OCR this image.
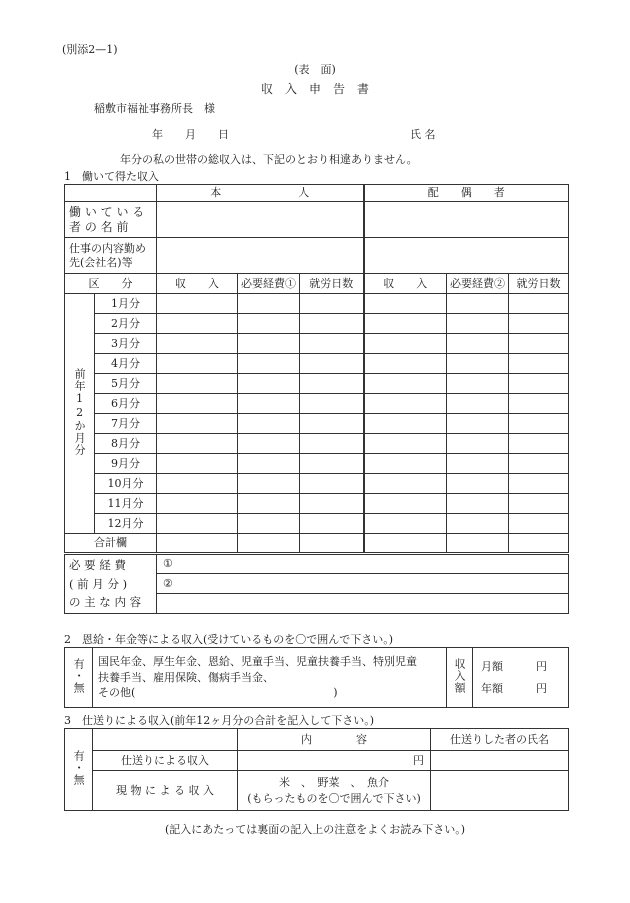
(別添2—1)
(表　面)
収　入　申　告　書
稲敷市福祉事務所長　様
年　　月　　日	氏 名
年分の私の世帯の総収入は、下記のとおり相違ありません。
1　働いて得た収入
		本　　　　　　　人			配　　偶　　者		
働 い て い る
者 の 名 前							
仕事の内容勤め
先(会社名)等							
区　　分		収　　入	必要経費①	就労日数	収　　入	必要経費②	就労日数
前年12か月分	1月分						
	2月分						
	3月分						
	4月分						
	5月分						
	6月分						
	7月分						
	8月分						
	9月分						
	10月分						
	11月分						
	12月分						
合計欄							
必 要 経 費
( 前 月 分 )
の 主 な 内 容		①					
		②					

2　恩給・年金等による収入(受けているものを〇で囲んで下さい。)
有・無	国民年金、厚生年金、恩給、児童手当、児童扶養手当、特別児童
扶養手当、雇用保険、傷病手当金、
その他(　　　　　　　　　　　　　　　　　　)	収入額	月額　　　円
年額　　　円
3　仕送りによる収入(前年12ヶ月分の合計を記入して下さい。)
有・無		内　　　　容	仕送りした者の氏名
	仕送りによる収入	円	
	現 物 に よ る 収 入	米　、　野菜　、　魚介
(もらったものを〇で囲んで下さい)	
(記入にあたっては裏面の記入上の注意をよくお読み下さい。)
